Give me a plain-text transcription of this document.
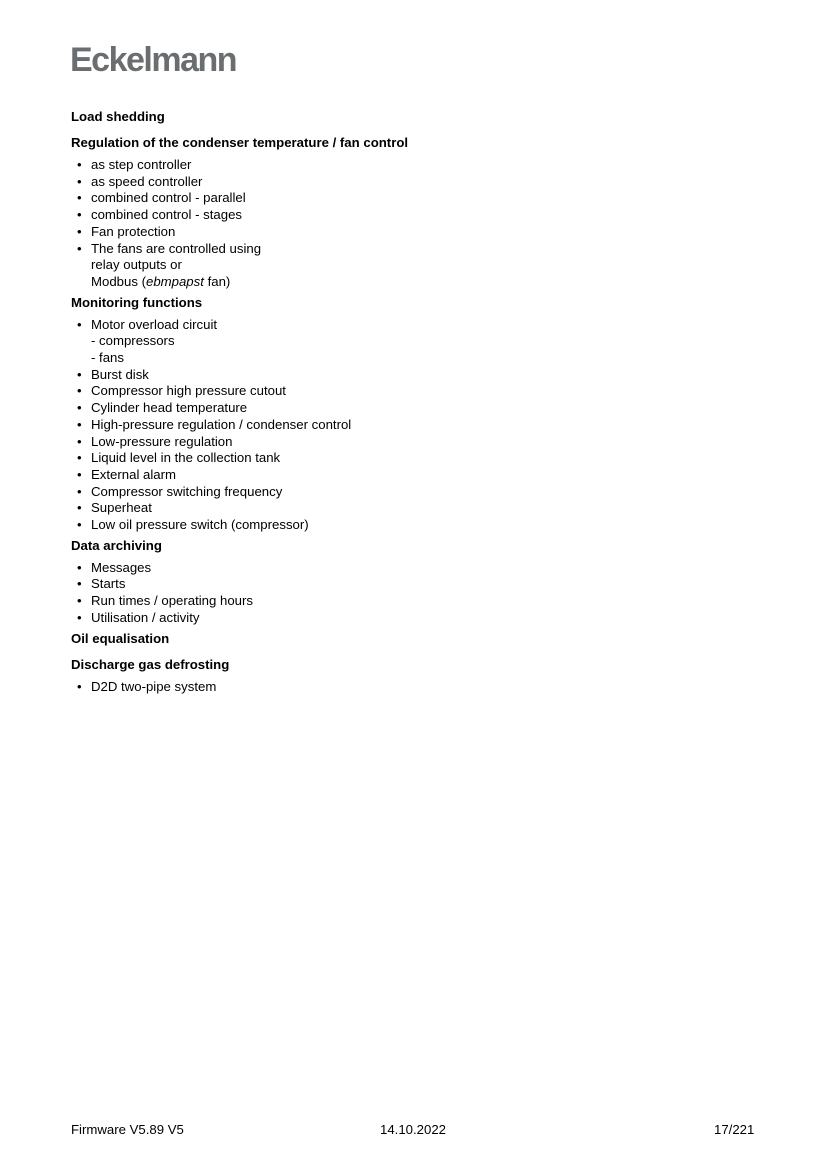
Eckelmann

Load shedding

Regulation of the condenser temperature / fan control

• as step controller
• as speed controller
• combined control - parallel
• combined control - stages
• Fan protection
• The fans are controlled using
relay outputs or
Modbus (ebmpapst fan)

Monitoring functions

• Motor overload circuit
- compressors
- fans
• Burst disk
• Compressor high pressure cutout
• Cylinder head temperature
• High-pressure regulation / condenser control
• Low-pressure regulation
• Liquid level in the collection tank
• External alarm
• Compressor switching frequency
• Superheat
• Low oil pressure switch (compressor)

Data archiving

• Messages
• Starts
• Run times / operating hours
• Utilisation / activity

Oil equalisation

Discharge gas defrosting

• D2D two-pipe system
Firmware V5.89 V5	14.10.2022	17/221
